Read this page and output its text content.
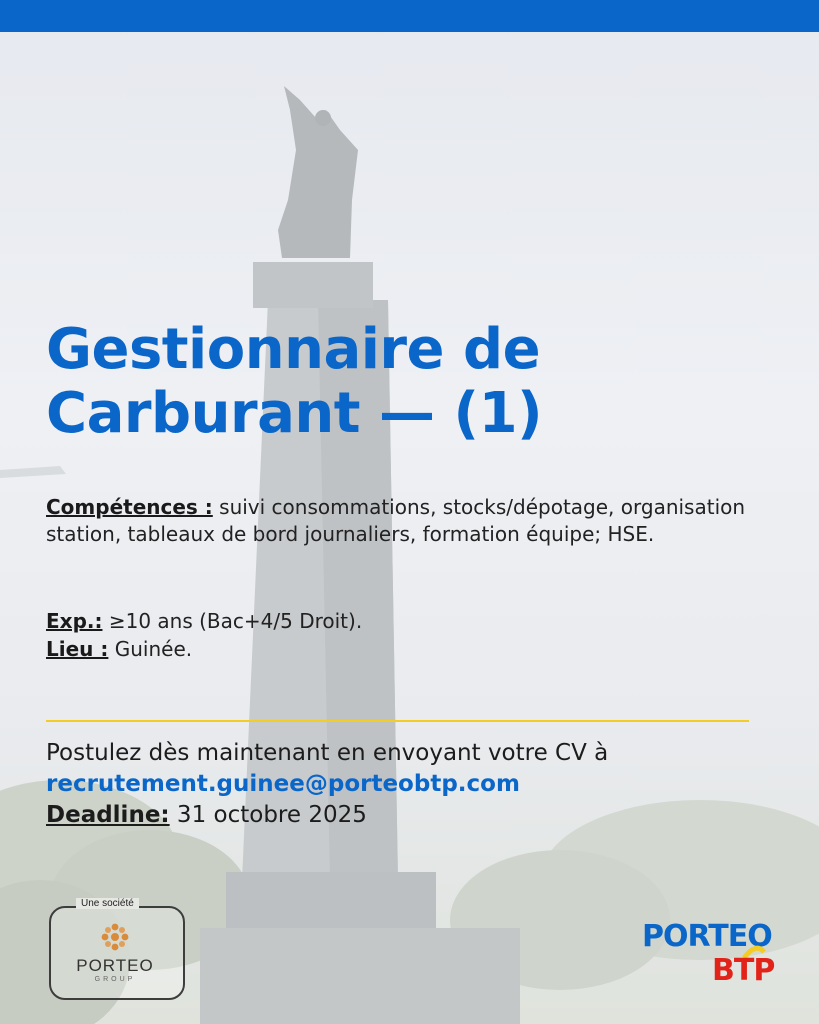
Gestionnaire de Carburant — (1)
Compétences : suivi consommations, stocks/dépotage, organisation station, tableaux de bord journaliers, formation équipe; HSE.
Exp.: ≥10 ans (Bac+4/5 Droit).
Lieu : Guinée.
Postulez dès maintenant en envoyant votre CV à
recrutement.guinee@porteobtp.com
Deadline: 31 octobre 2025
Une société
PORTEO
GROUP
PORTEO
BTP
